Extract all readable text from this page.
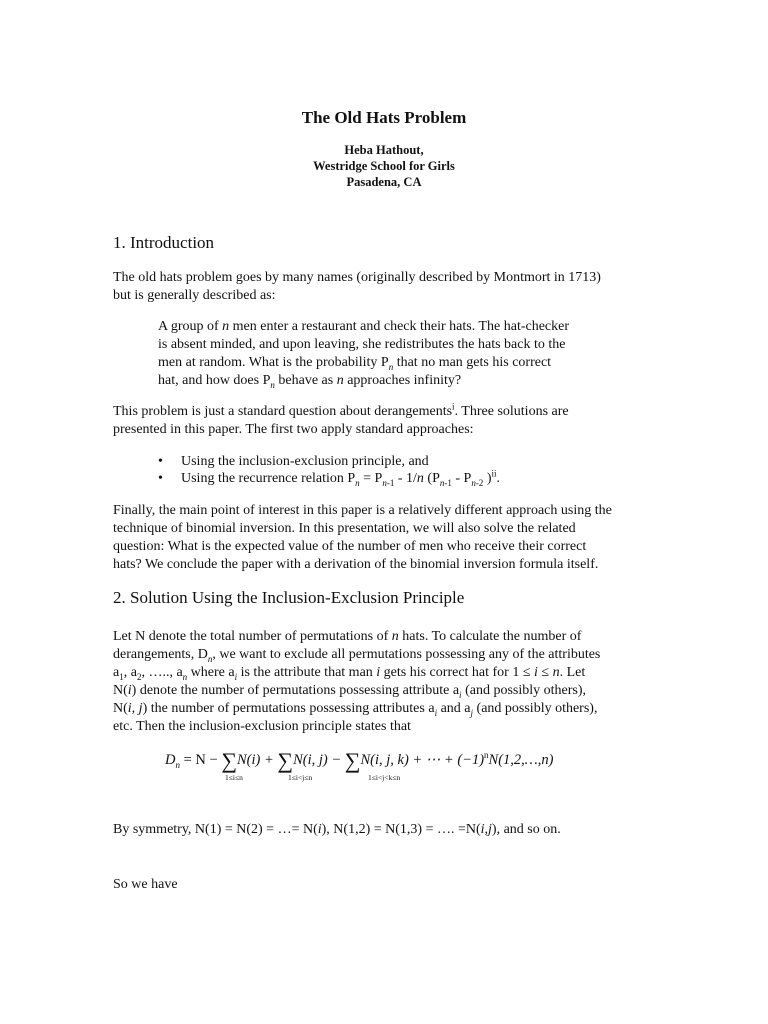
The Old Hats Problem
Heba Hathout,
Westridge School for Girls
Pasadena, CA
1. Introduction
The old hats problem goes by many names (originally described by Montmort in 1713)
but is generally described as:
A group of n men enter a restaurant and check their hats. The hat-checker
is absent minded, and upon leaving, she redistributes the hats back to the
men at random. What is the probability $P_n$ that no man gets his correct
hat, and how does $P_n$ behave as n approaches infinity?
This problem is just a standard question about derangements$^i$. Three solutions are
presented in this paper. The first two apply standard approaches:
• Using the inclusion-exclusion principle, and
• Using the recurrence relation $P_n = P_{n-1} - 1/n$ ($P_{n-1} - P_{n-2}$ )$^{ii}$.
Finally, the main point of interest in this paper is a relatively different approach using the
technique of binomial inversion. In this presentation, we will also solve the related
question: What is the expected value of the number of men who receive their correct
hats? We conclude the paper with a derivation of the binomial inversion formula itself.
2. Solution Using the Inclusion-Exclusion Principle
Let N denote the total number of permutations of n hats. To calculate the number of
derangements, $D_n$, we want to exclude all permutations possessing any of the attributes
$a_1$, $a_2$, ….., $a_n$ where $a_i$ is the attribute that man i gets his correct hat for 1 ≤ i ≤ n. Let
N(i) denote the number of permutations possessing attribute $a_i$ (and possibly others),
N(i, j) the number of permutations possessing attributes $a_i$ and $a_j$ (and possibly others),
etc. Then the inclusion-exclusion principle states that
$D_n = N - \sum N(i) + \sum N(i$, j) − ∑N(i, j, k) + ⋯ + $(-1)^nN(1,2,\dots,n)$
1≤i≤n	1≤i<j≤n	1≤i<j<k≤n
By symmetry, N(1) = N(2) = …= N(i), N(1,2) = N(1,3) = …. =N(i,j), and so on.
So we have
